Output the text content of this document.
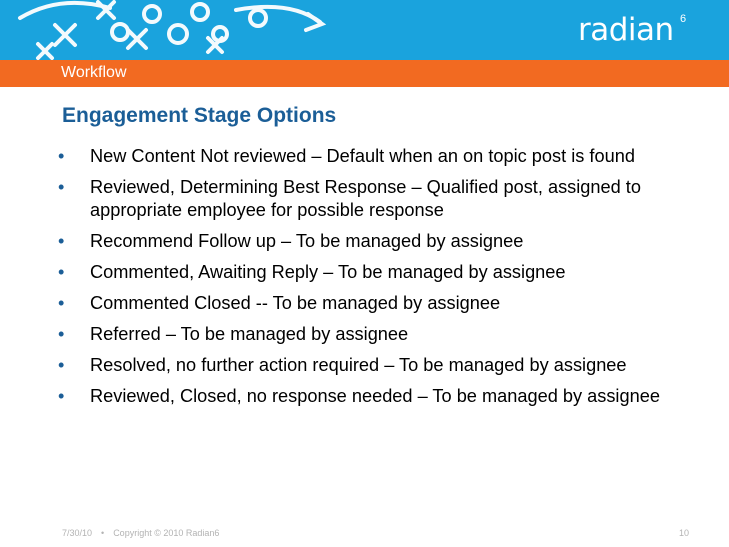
radian 6
Workflow
Engagement Stage Options
• New Content Not reviewed – Default when an on topic post is found
• Reviewed, Determining Best Response – Qualified post, assigned to appropriate employee for possible response
• Recommend Follow up – To be managed by assignee
• Commented, Awaiting Reply – To be managed by assignee
• Commented Closed -- To be managed by assignee
• Referred – To be managed by assignee
• Resolved, no further action required – To be managed by assignee
• Reviewed, Closed, no response needed – To be managed by assignee
7/30/10 • Copyright © 2010 Radian6	10
